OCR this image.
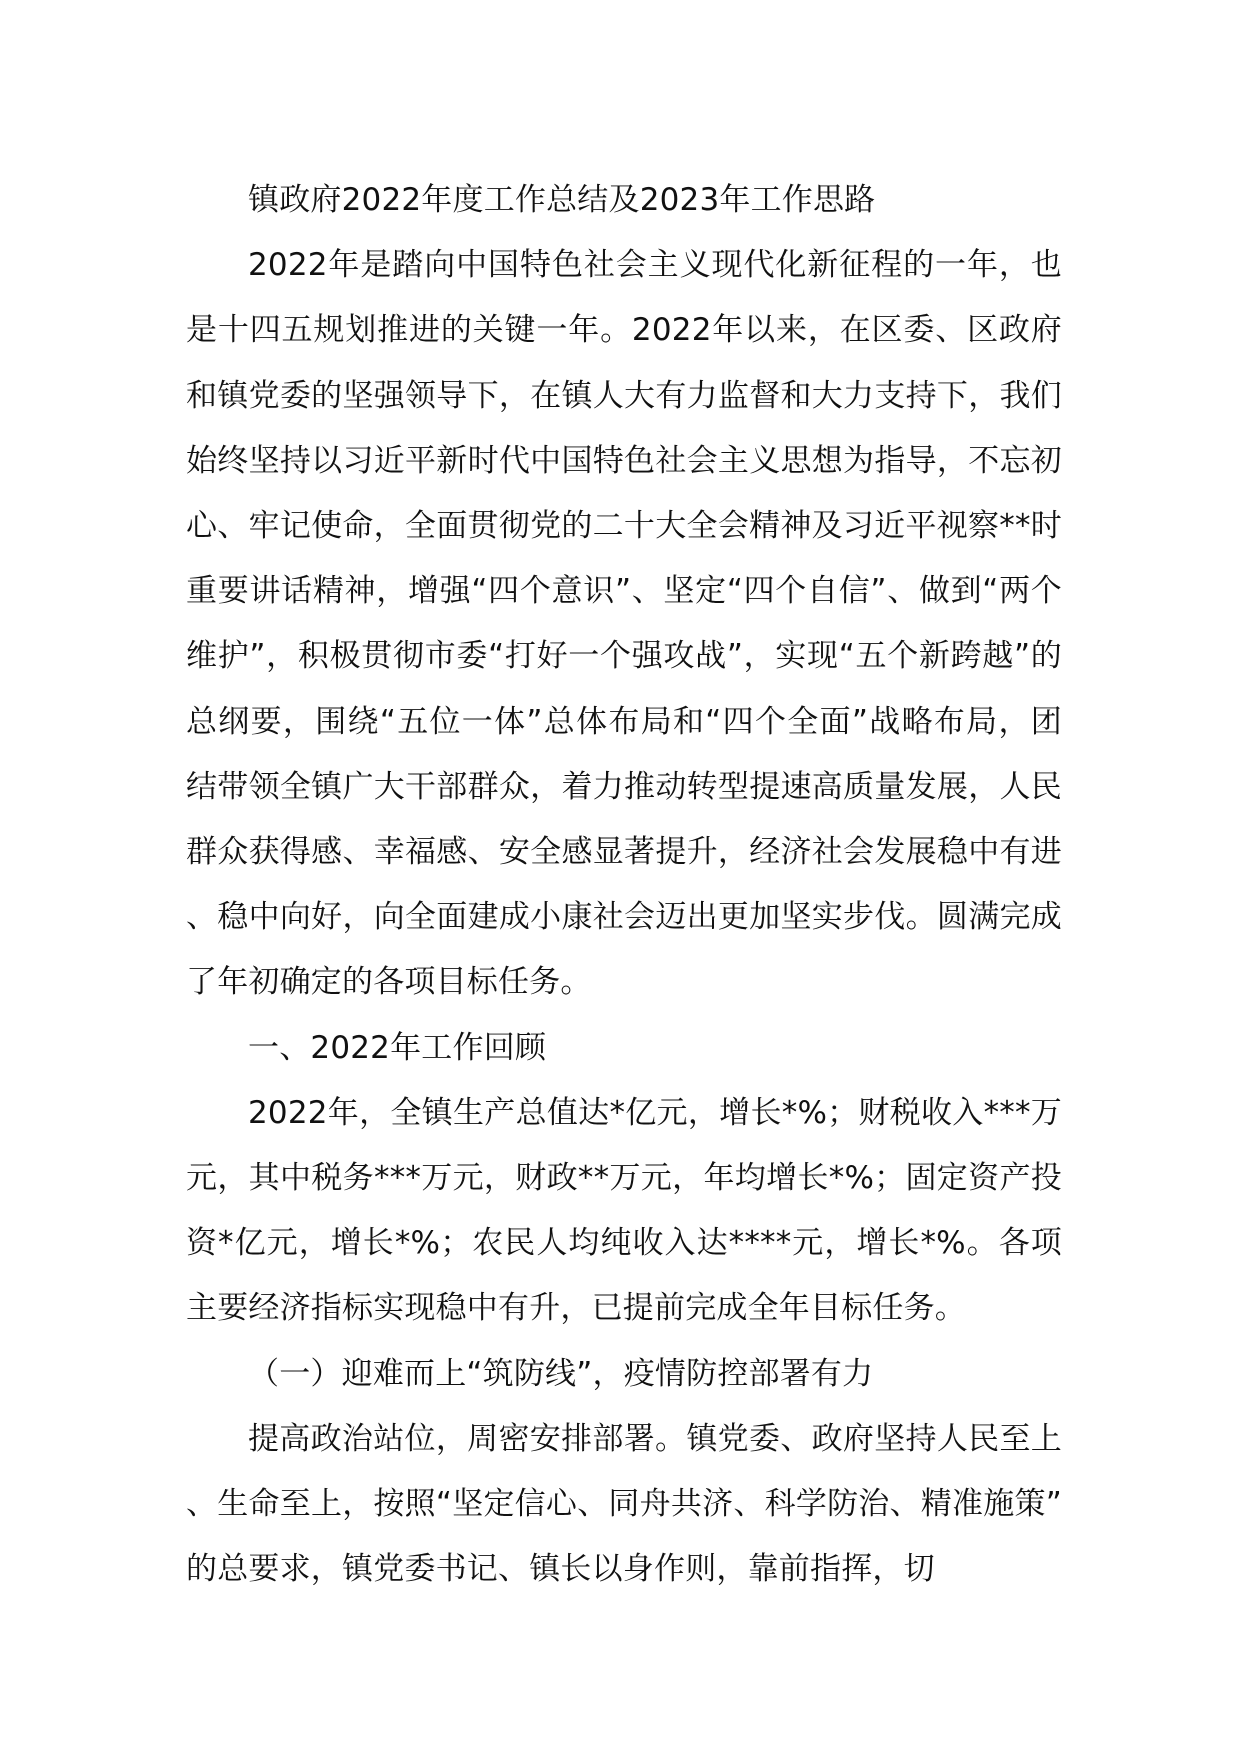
镇政府2022年度工作总结及2023年工作思路

2022年是踏向中国特色社会主义现代化新征程的一年，也是十四五规划推进的关键一年。2022年以来，在区委、区政府和镇党委的坚强领导下，在镇人大有力监督和大力支持下，我们始终坚持以习近平新时代中国特色社会主义思想为指导，不忘初心、牢记使命，全面贯彻党的二十大全会精神及习近平视察**时重要讲话精神，增强“四个意识”、坚定“四个自信”、做到“两个维护”，积极贯彻市委“打好一个强攻战”，实现“五个新跨越”的总纲要，围绕“五位一体”总体布局和“四个全面”战略布局，团结带领全镇广大干部群众，着力推动转型提速高质量发展，人民群众获得感、幸福感、安全感显著提升，经济社会发展稳中有进、稳中向好，向全面建成小康社会迈出更加坚实步伐。圆满完成了年初确定的各项目标任务。

一、2022年工作回顾

2022年，全镇生产总值达*亿元，增长*%；财税收入***万元，其中税务***万元，财政**万元，年均增长*%；固定资产投资*亿元，增长*%；农民人均纯收入达****元，增长*%。各项主要经济指标实现稳中有升，已提前完成全年目标任务。

（一）迎难而上“筑防线”，疫情防控部署有力

提高政治站位，周密安排部署。镇党委、政府坚持人民至上、生命至上，按照“坚定信心、同舟共济、科学防治、精准施策”的总要求，镇党委书记、镇长以身作则，靠前指挥，切
